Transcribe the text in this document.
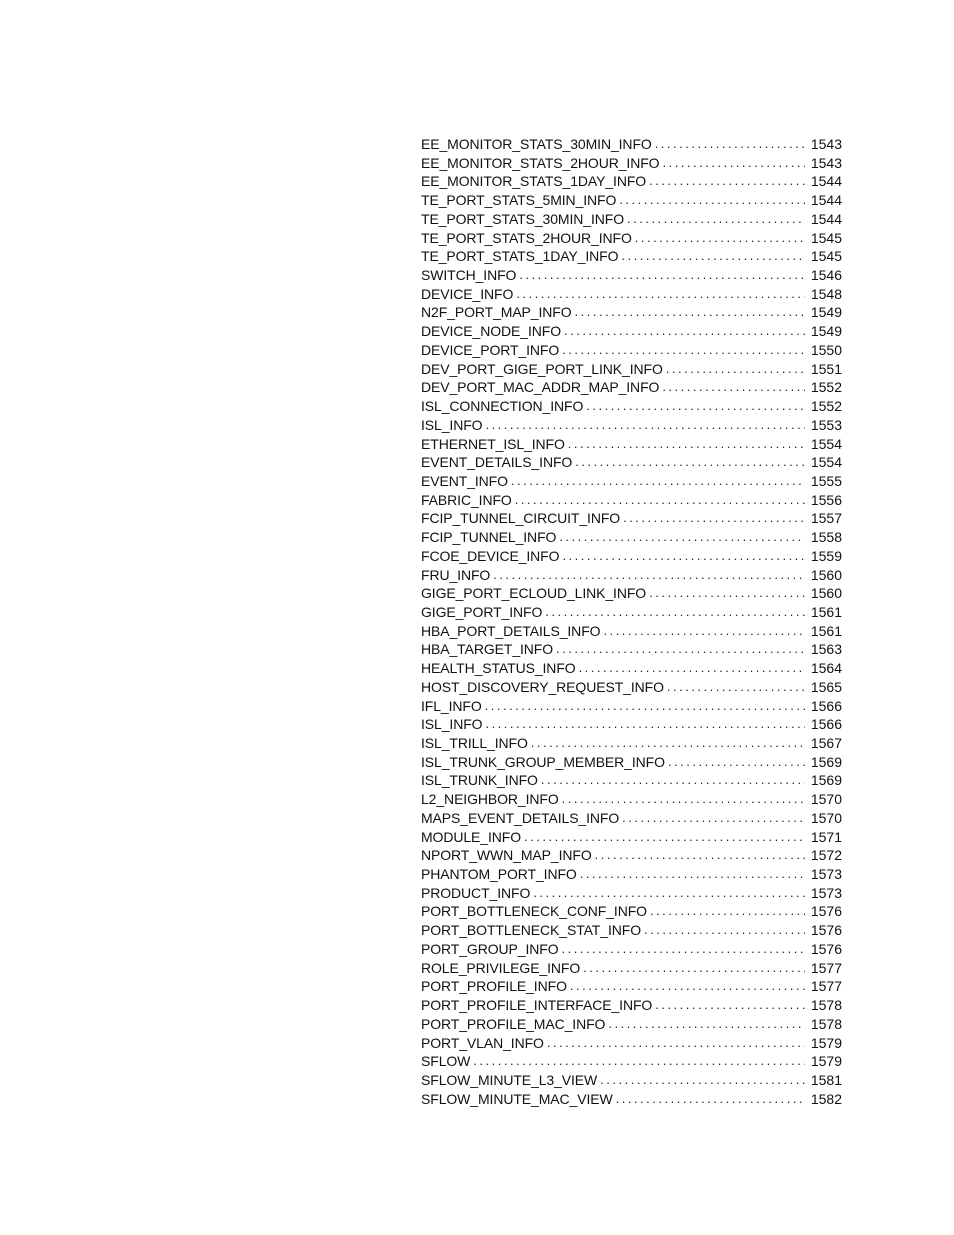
EE_MONITOR_STATS_30MIN_INFO .....	1543
EE_MONITOR_STATS_2HOUR_INFO .....	1543
EE_MONITOR_STATS_1DAY_INFO .....	1544
TE_PORT_STATS_5MIN_INFO .....	1544
TE_PORT_STATS_30MIN_INFO .....	1544
TE_PORT_STATS_2HOUR_INFO .....	1545
TE_PORT_STATS_1DAY_INFO .....	1545
SWITCH_INFO .....	1546
DEVICE_INFO .....	1548
N2F_PORT_MAP_INFO .....	1549
DEVICE_NODE_INFO .....	1549
DEVICE_PORT_INFO .....	1550
DEV_PORT_GIGE_PORT_LINK_INFO .....	1551
DEV_PORT_MAC_ADDR_MAP_INFO .....	1552
ISL_CONNECTION_INFO .....	1552
ISL_INFO .....	1553
ETHERNET_ISL_INFO .....	1554
EVENT_DETAILS_INFO .....	1554
EVENT_INFO .....	1555
FABRIC_INFO .....	1556
FCIP_TUNNEL_CIRCUIT_INFO .....	1557
FCIP_TUNNEL_INFO .....	1558
FCOE_DEVICE_INFO .....	1559
FRU_INFO .....	1560
GIGE_PORT_ECLOUD_LINK_INFO .....	1560
GIGE_PORT_INFO .....	1561
HBA_PORT_DETAILS_INFO .....	1561
HBA_TARGET_INFO .....	1563
HEALTH_STATUS_INFO .....	1564
HOST_DISCOVERY_REQUEST_INFO .....	1565
IFL_INFO .....	1566
ISL_INFO .....	1566
ISL_TRILL_INFO .....	1567
ISL_TRUNK_GROUP_MEMBER_INFO .....	1569
ISL_TRUNK_INFO .....	1569
L2_NEIGHBOR_INFO .....	1570
MAPS_EVENT_DETAILS_INFO .....	1570
MODULE_INFO .....	1571
NPORT_WWN_MAP_INFO .....	1572
PHANTOM_PORT_INFO .....	1573
PRODUCT_INFO .....	1573
PORT_BOTTLENECK_CONF_INFO .....	1576
PORT_BOTTLENECK_STAT_INFO .....	1576
PORT_GROUP_INFO .....	1576
ROLE_PRIVILEGE_INFO .....	1577
PORT_PROFILE_INFO .....	1577
PORT_PROFILE_INTERFACE_INFO .....	1578
PORT_PROFILE_MAC_INFO .....	1578
PORT_VLAN_INFO .....	1579
SFLOW .....	1579
SFLOW_MINUTE_L3_VIEW .....	1581
SFLOW_MINUTE_MAC_VIEW .....	1582
